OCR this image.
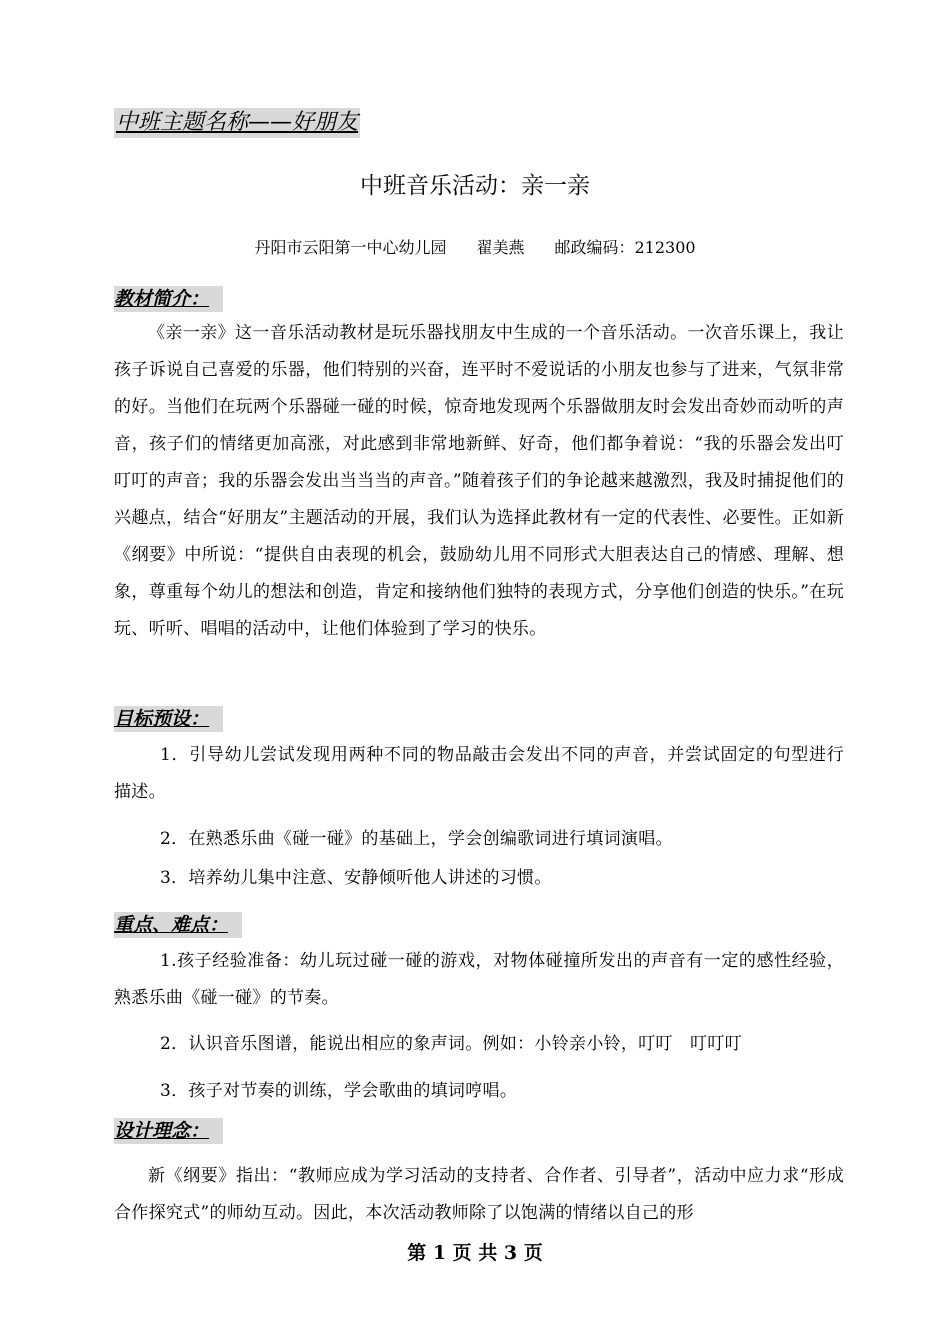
中班主题名称——好朋友
中班音乐活动：亲一亲
丹阳市云阳第一中心幼儿园 翟美燕 邮政编码：212300
教材简介：
《亲一亲》这一音乐活动教材是玩乐器找朋友中生成的一个音乐活动。一次音乐课上，我让孩子诉说自己喜爱的乐器，他们特别的兴奋，连平时不爱说话的小朋友也参与了进来，气氛非常的好。当他们在玩两个乐器碰一碰的时候，惊奇地发现两个乐器做朋友时会发出奇妙而动听的声音，孩子们的情绪更加高涨，对此感到非常地新鲜、好奇，他们都争着说：“我的乐器会发出叮叮叮的声音；我的乐器会发出当当当的声音。”随着孩子们的争论越来越激烈，我及时捕捉他们的兴趣点，结合“好朋友”主题活动的开展，我们认为选择此教材有一定的代表性、必要性。正如新《纲要》中所说：“提供自由表现的机会，鼓励幼儿用不同形式大胆表达自己的情感、理解、想象，尊重每个幼儿的想法和创造，肯定和接纳他们独特的表现方式，分享他们创造的快乐。”在玩玩、听听、唱唱的活动中，让他们体验到了学习的快乐。
目标预设：
1．引导幼儿尝试发现用两种不同的物品敲击会发出不同的声音，并尝试固定的句型进行描述。
2．在熟悉乐曲《碰一碰》的基础上，学会创编歌词进行填词演唱。
3．培养幼儿集中注意、安静倾听他人讲述的习惯。
重点、难点：
1.孩子经验准备：幼儿玩过碰一碰的游戏，对物体碰撞所发出的声音有一定的感性经验，熟悉乐曲《碰一碰》的节奏。
2．认识音乐图谱，能说出相应的象声词。例如：小铃亲小铃，叮叮　叮叮叮
3．孩子对节奏的训练，学会歌曲的填词哼唱。
设计理念：
新《纲要》指出：“教师应成为学习活动的支持者、合作者、引导者”，活动中应力求“形成合作探究式”的师幼互动。因此，本次活动教师除了以饱满的情绪以自己的形
第 1 页 共 3 页
